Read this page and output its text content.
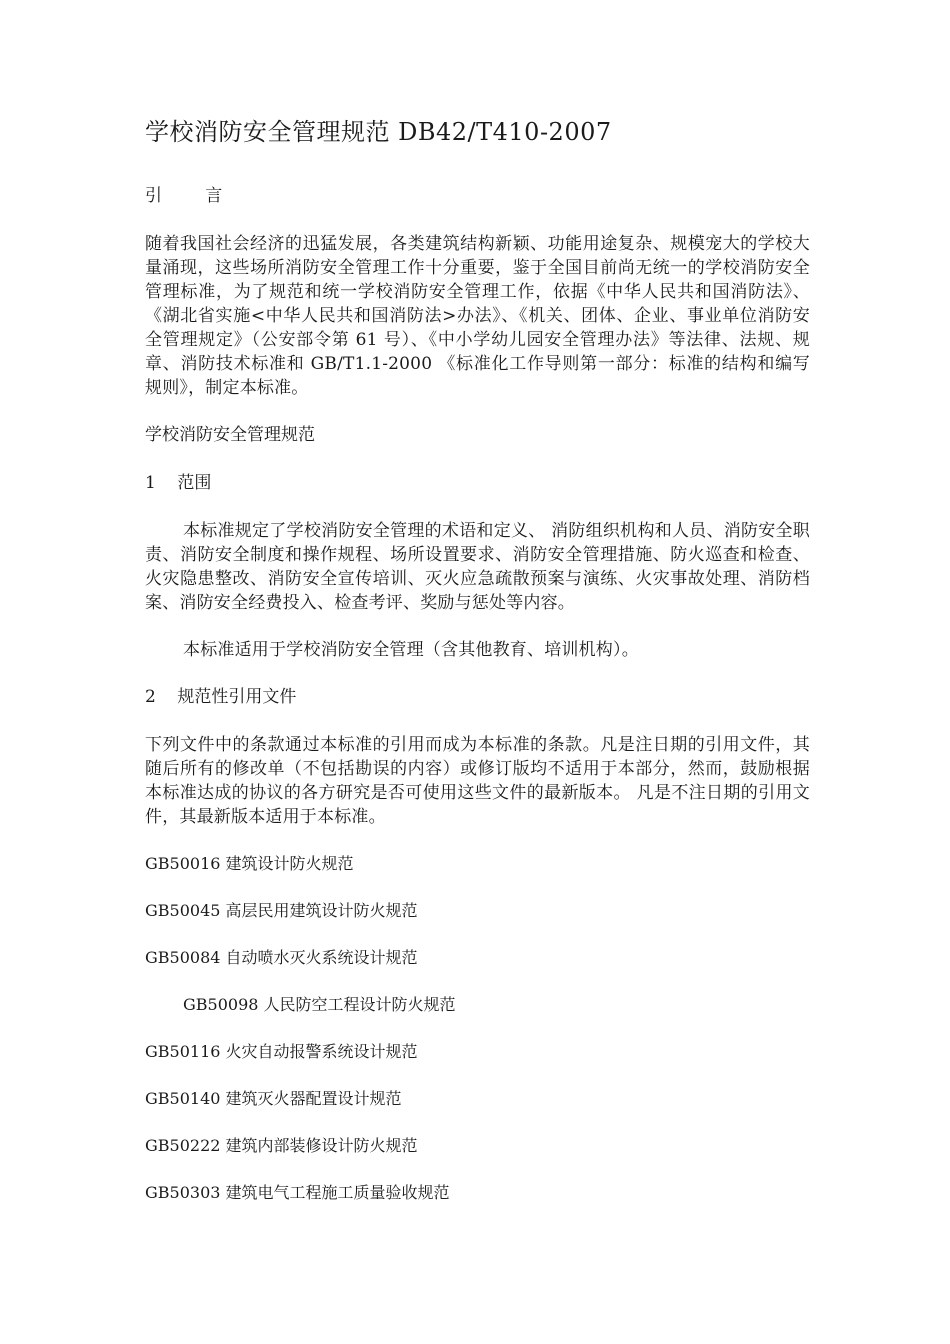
学校消防安全管理规范 DB42/T410-2007
引        言

随着我国社会经济的迅猛发展，各类建筑结构新颖、功能用途复杂、规模宠大的学校大量涌现，这些场所消防安全管理工作十分重要，鉴于全国目前尚无统一的学校消防安全管理标准，为了规范和统一学校消防安全管理工作，依据《中华人民共和国消防法》、《湖北省实施<中华人民共和国消防法>办法》、《机关、团体、企业、事业单位消防安全管理规定》（公安部令第 61 号）、《中小学幼儿园安全管理办法》等法律、法规、规章、消防技术标准和 GB/T1.1-2000 《标准化工作导则第一部分：标准的结构和编写规则》，制定本标准。

学校消防安全管理规范
1    范围

本标准规定了学校消防安全管理的术语和定义、 消防组织机构和人员、消防安全职责、消防安全制度和操作规程、场所设置要求、消防安全管理措施、防火巡查和检查、火灾隐患整改、消防安全宣传培训、灭火应急疏散预案与演练、火灾事故处理、消防档案、消防安全经费投入、检查考评、奖励与惩处等内容。

本标准适用于学校消防安全管理（含其他教育、培训机构）。

2    规范性引用文件

下列文件中的条款通过本标准的引用而成为本标准的条款。凡是注日期的引用文件，其随后所有的修改单（不包括勘误的内容）或修订版均不适用于本部分，然而，鼓励根据本标准达成的协议的各方研究是否可使用这些文件的最新版本。 凡是不注日期的引用文件，其最新版本适用于本标准。

GB50016 建筑设计防火规范
GB50045 高层民用建筑设计防火规范
GB50084 自动喷水灭火系统设计规范
GB50098 人民防空工程设计防火规范
GB50116 火灾自动报警系统设计规范
GB50140 建筑灭火器配置设计规范
GB50222 建筑内部装修设计防火规范
GB50303 建筑电气工程施工质量验收规范
